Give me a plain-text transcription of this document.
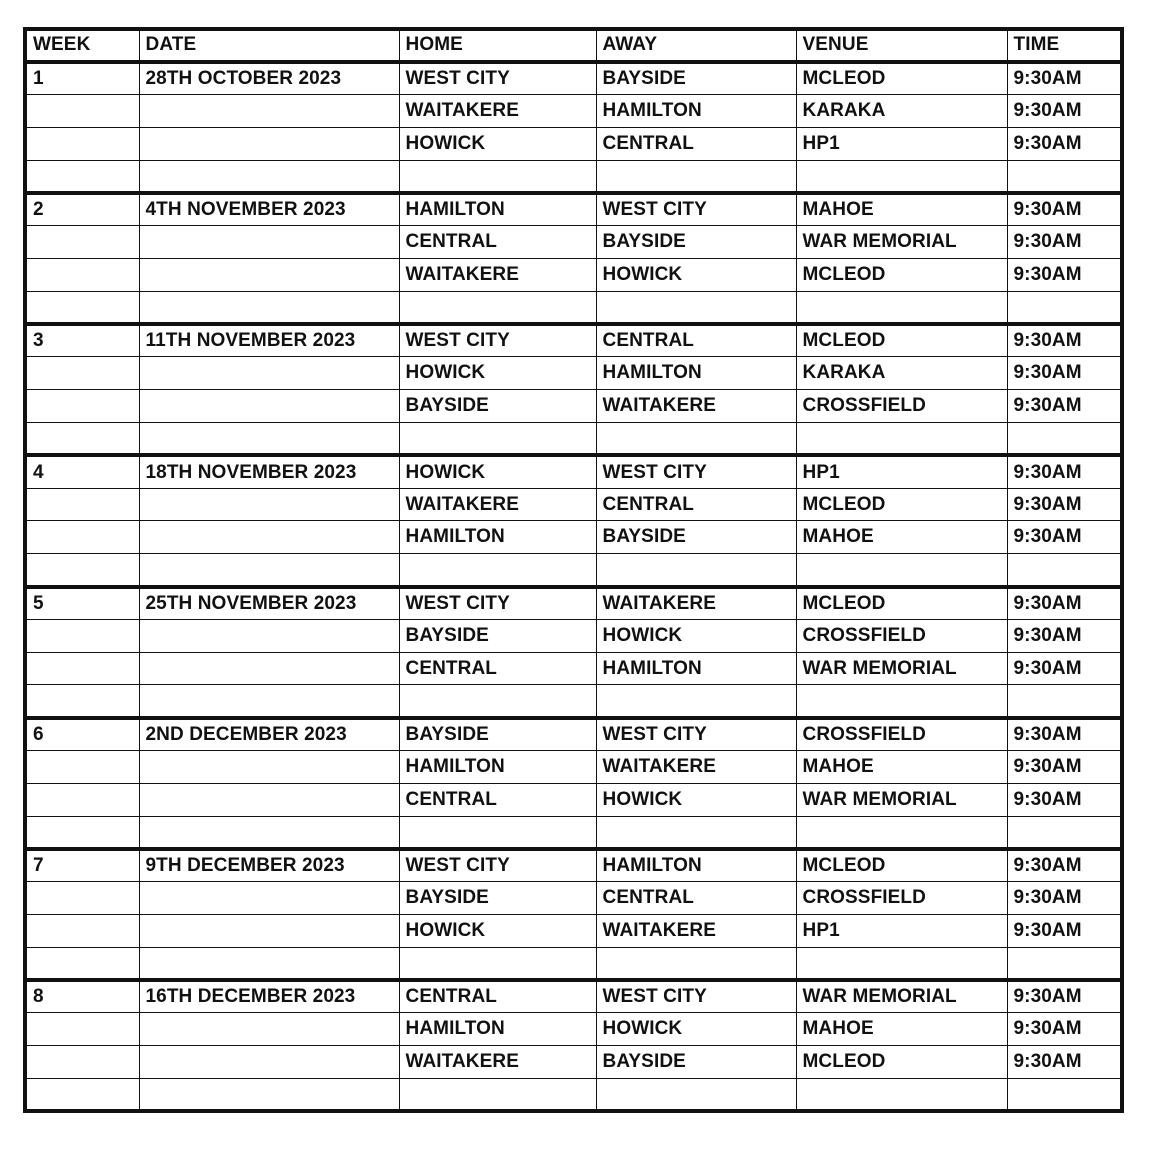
WEEK	DATE	HOME	AWAY	VENUE	TIME
1	28TH OCTOBER 2023	WEST CITY	BAYSIDE	MCLEOD	9:30AM
		WAITAKERE	HAMILTON	KARAKA	9:30AM
		HOWICK	CENTRAL	HP1	9:30AM

2	4TH NOVEMBER 2023	HAMILTON	WEST CITY	MAHOE	9:30AM
		CENTRAL	BAYSIDE	WAR MEMORIAL	9:30AM
		WAITAKERE	HOWICK	MCLEOD	9:30AM

3	11TH NOVEMBER 2023	WEST CITY	CENTRAL	MCLEOD	9:30AM
		HOWICK	HAMILTON	KARAKA	9:30AM
		BAYSIDE	WAITAKERE	CROSSFIELD	9:30AM

4	18TH NOVEMBER 2023	HOWICK	WEST CITY	HP1	9:30AM
		WAITAKERE	CENTRAL	MCLEOD	9:30AM
		HAMILTON	BAYSIDE	MAHOE	9:30AM

5	25TH NOVEMBER 2023	WEST CITY	WAITAKERE	MCLEOD	9:30AM
		BAYSIDE	HOWICK	CROSSFIELD	9:30AM
		CENTRAL	HAMILTON	WAR MEMORIAL	9:30AM

6	2ND DECEMBER 2023	BAYSIDE	WEST CITY	CROSSFIELD	9:30AM
		HAMILTON	WAITAKERE	MAHOE	9:30AM
		CENTRAL	HOWICK	WAR MEMORIAL	9:30AM

7	9TH DECEMBER 2023	WEST CITY	HAMILTON	MCLEOD	9:30AM
		BAYSIDE	CENTRAL	CROSSFIELD	9:30AM
		HOWICK	WAITAKERE	HP1	9:30AM

8	16TH DECEMBER 2023	CENTRAL	WEST CITY	WAR MEMORIAL	9:30AM
		HAMILTON	HOWICK	MAHOE	9:30AM
		WAITAKERE	BAYSIDE	MCLEOD	9:30AM
